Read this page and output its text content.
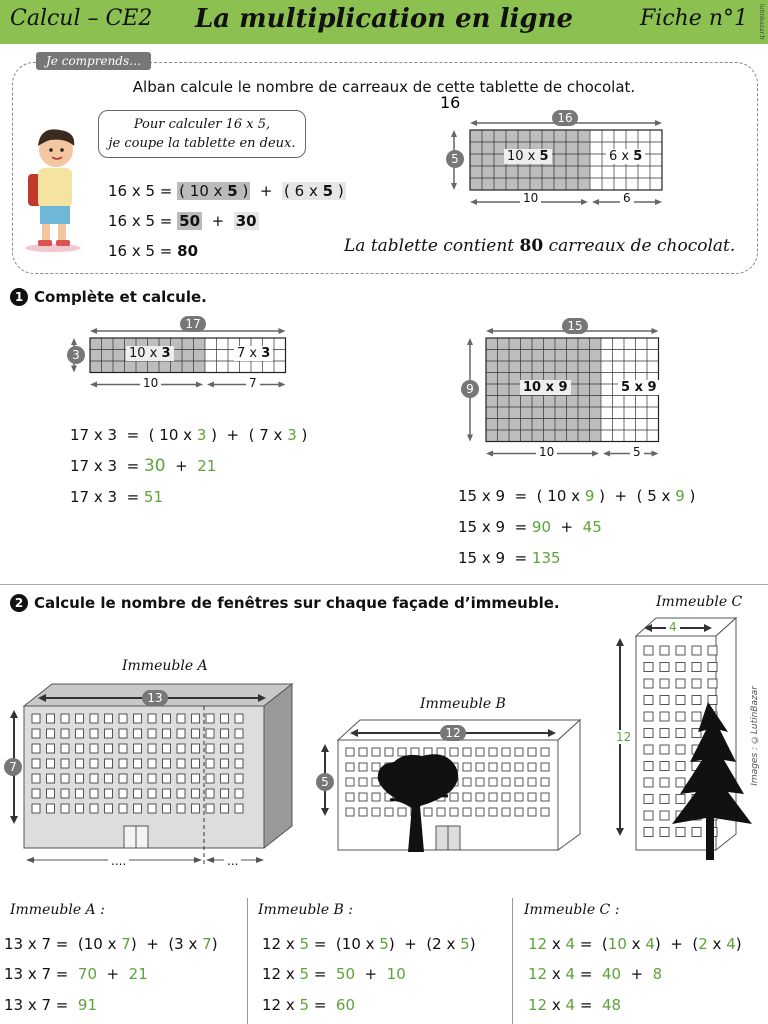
Calcul – CE2	La multiplication en ligne	Fiche n°1 lutinbazar.fr
Je comprends…
Alban calcule le nombre de carreaux de cette tablette de chocolat.
Pour calculer 16 x 5,
je coupe la tablette en deux.
16 x 5 = ( 10 x 5 ) + ( 6 x 5 )
16 x 5 = 50 + 30
16 x 5 = 80
16
10 x 5	6 x 5
16
5
10	6
La tablette contient 80 carreaux de chocolat.
1 Complète et calcule.
17
3	10 x 3	7 x 3
10	7
15
9	10 x 9	5 x 9
10	5
17 x 3  =  ( 10 x 3 )  +  ( 7 x 3 )
17 x 3  = 30  +  21
17 x 3  = 51	15 x 9  =  ( 10 x 9 )  +  ( 5 x 9 )
15 x 9  = 90  +  45
15 x 9  = 135
2 Calcule le nombre de fenêtres sur chaque façade d’immeuble.
Immeuble A
13
7
....	...
Immeuble B
12
5
Immeuble C
4
12	Images : ©LutinBazar
Immeuble A :
13 x 7 =  (10 x 7)  +  (3 x 7)
13 x 7 =  70  +  21
13 x 7 =  91
Immeuble B :
12 x 5 =  (10 x 5)  +  (2 x 5)
12 x 5 =  50  +  10
12 x 5 =  60
Immeuble C :
12 x 4 =  (10 x 4)  +  (2 x 4)
12 x 4 =  40  +  8
12 x 4 =  48
